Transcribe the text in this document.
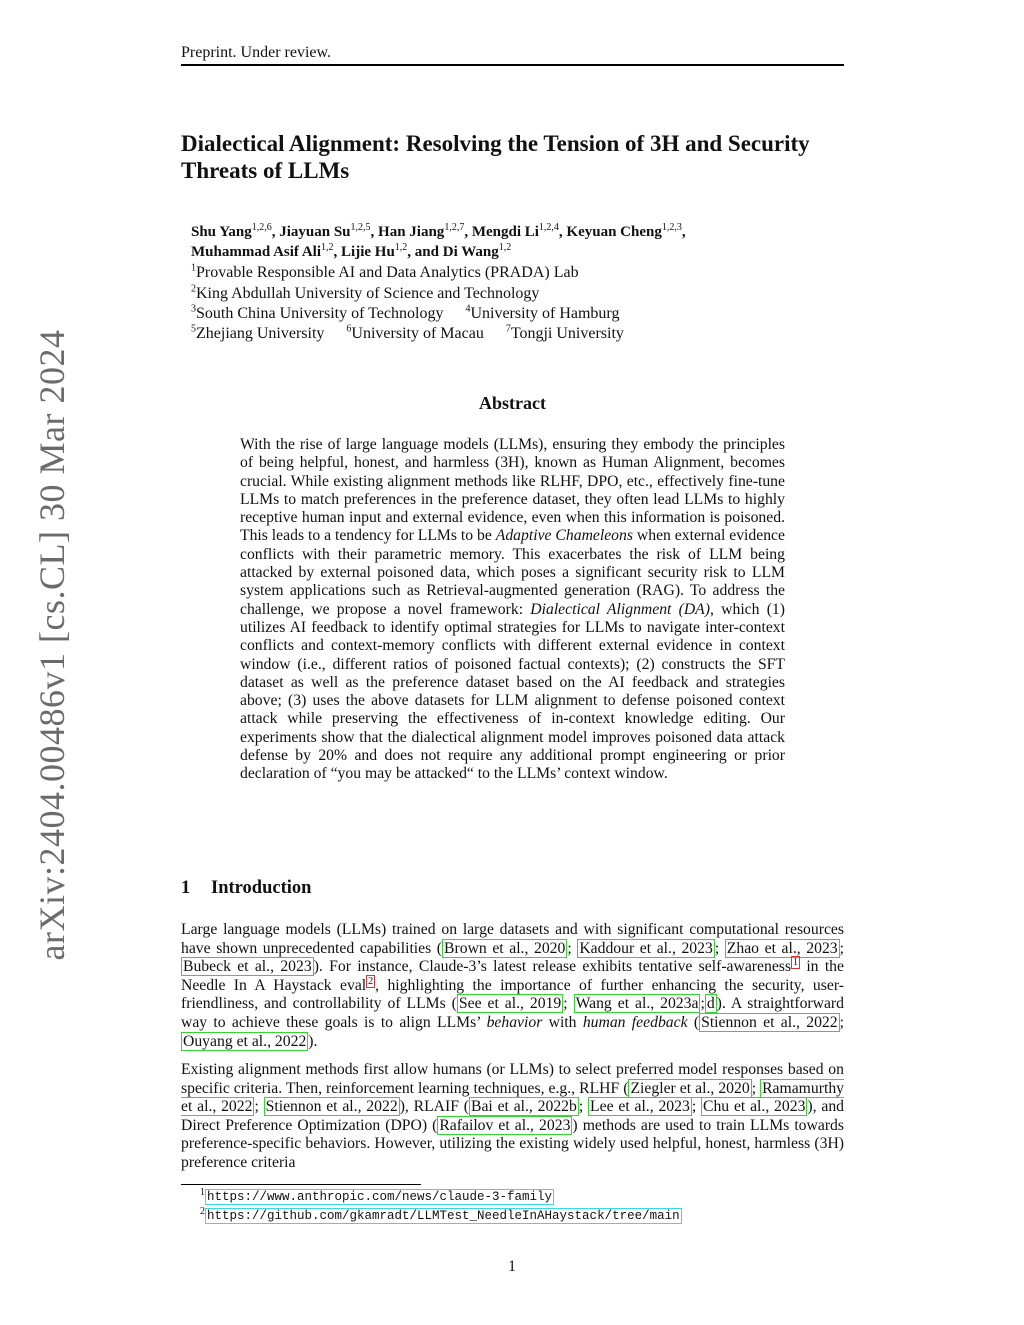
Preprint. Under review.
arXiv:2404.00486v1 [cs.CL] 30 Mar 2024
Dialectical Alignment: Resolving the Tension of 3H and Security Threats of LLMs
Shu Yang$^{1,2,6}$, Jiayuan Su$^{1,2,5}$, Han Jiang$^{1,2,7}$, Mengdi Li$^{1,2,4}$, Keyuan Cheng$^{1,2,3}$,
Muhammad Asif Ali$^{1,2}$, Lijie Hu$^{1,2}$, and Di Wang$^{1,2}$
$^1$Provable Responsible AI and Data Analytics (PRADA) Lab
$^2$King Abdullah University of Science and Technology
$^3$South China University of Technology $^4$University of Hamburg
$^5$Zhejiang University $^6$University of Macau $^7$Tongji University
Abstract
With the rise of large language models (LLMs), ensuring they embody the principles of being helpful, honest, and harmless (3H), known as Human Alignment, becomes crucial. While existing alignment methods like RLHF, DPO, etc., effectively fine-tune LLMs to match preferences in the preference dataset, they often lead LLMs to highly receptive human input and external evidence, even when this information is poisoned. This leads to a tendency for LLMs to be Adaptive Chameleons when external evidence conflicts with their parametric memory. This exacerbates the risk of LLM being attacked by external poisoned data, which poses a significant security risk to LLM system applications such as Retrieval-augmented generation (RAG). To address the challenge, we propose a novel framework: Dialectical Alignment (DA), which (1) utilizes AI feedback to identify optimal strategies for LLMs to navigate inter-context conflicts and context-memory conflicts with different external evidence in context window (i.e., different ratios of poisoned factual contexts); (2) constructs the SFT dataset as well as the preference dataset based on the AI feedback and strategies above; (3) uses the above datasets for LLM alignment to defense poisoned context attack while preserving the effectiveness of in-context knowledge editing. Our experiments show that the dialectical alignment model improves poisoned data attack defense by 20% and does not require any additional prompt engineering or prior declaration of “you may be attacked“ to the LLMs’ context window.
1 Introduction
Large language models (LLMs) trained on large datasets and with significant computational resources have shown unprecedented capabilities ( Brown et al., 2020 ; Kaddour et al., 2023 ; Zhao et al., 2023 ; Bubeck et al., 2023 ). For instance, Claude-3’s latest release exhibits tentative self-awareness $^1$ in the Needle In A Haystack eval $^2$ , highlighting the importance of further enhancing the security, user-friendliness, and controllability of LLMs ( See et al., 2019 ; Wang et al., 2023a ; d ). A straightforward way to achieve these goals is to align LLMs’ behavior with human feedback ( Stiennon et al., 2022 ; Ouyang et al., 2022 ).
Existing alignment methods first allow humans (or LLMs) to select preferred model responses based on specific criteria. Then, reinforcement learning techniques, e.g., RLHF ( Ziegler et al., 2020 ; Ramamurthy et al., 2022 ; Stiennon et al., 2022 ), RLAIF ( Bai et al., 2022b ; Lee et al., 2023 ; Chu et al., 2023 ), and Direct Preference Optimization (DPO) ( Rafailov et al., 2023 ) methods are used to train LLMs towards preference-specific behaviors. However, utilizing the existing widely used helpful, honest, harmless (3H) preference criteria
$^1$ https://www.anthropic.com/news/claude-3-family
$^2$ https://github.com/gkamradt/LLMTest_NeedleInAHaystack/tree/main
1
